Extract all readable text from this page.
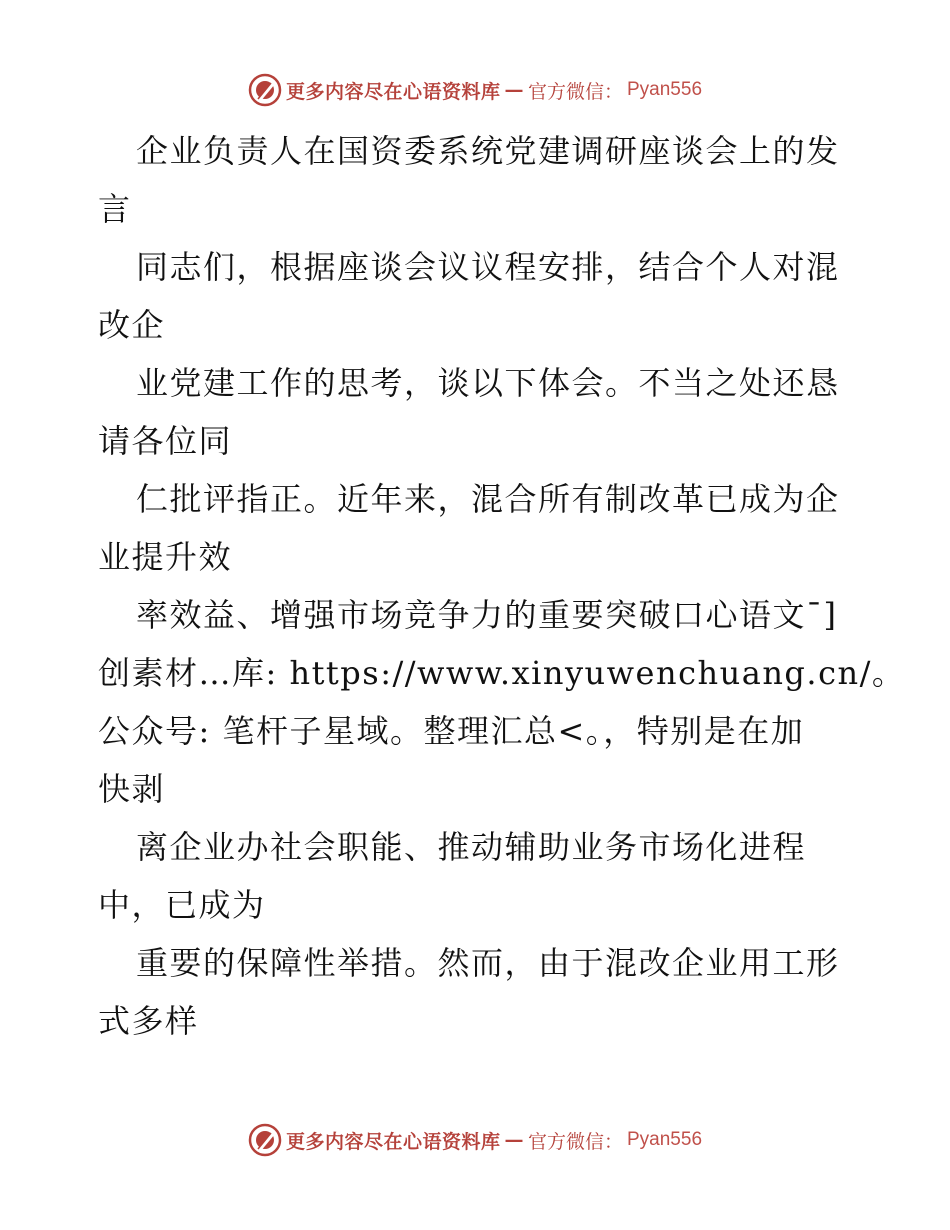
更多内容尽在心语资料库 — 官方微信： Pyan556
企业负责人在国资委系统党建调研座谈会上的发
言
同志们，根据座谈会议议程安排，结合个人对混
改企
业党建工作的思考，谈以下体会。不当之处还恳
请各位同
仁批评指正。近年来，混合所有制改革已成为企
业提升效
率效益、增强市场竞争力的重要突破口心语文¯]
创素材…库: https://www.xinyuwenchuang.cn/。
公众号: 笔杆子星域。整理汇总<。，特别是在加
快剥
离企业办社会职能、推动辅助业务市场化进程
中，已成为
重要的保障性举措。然而，由于混改企业用工形
式多样
更多内容尽在心语资料库 — 官方微信： Pyan556
